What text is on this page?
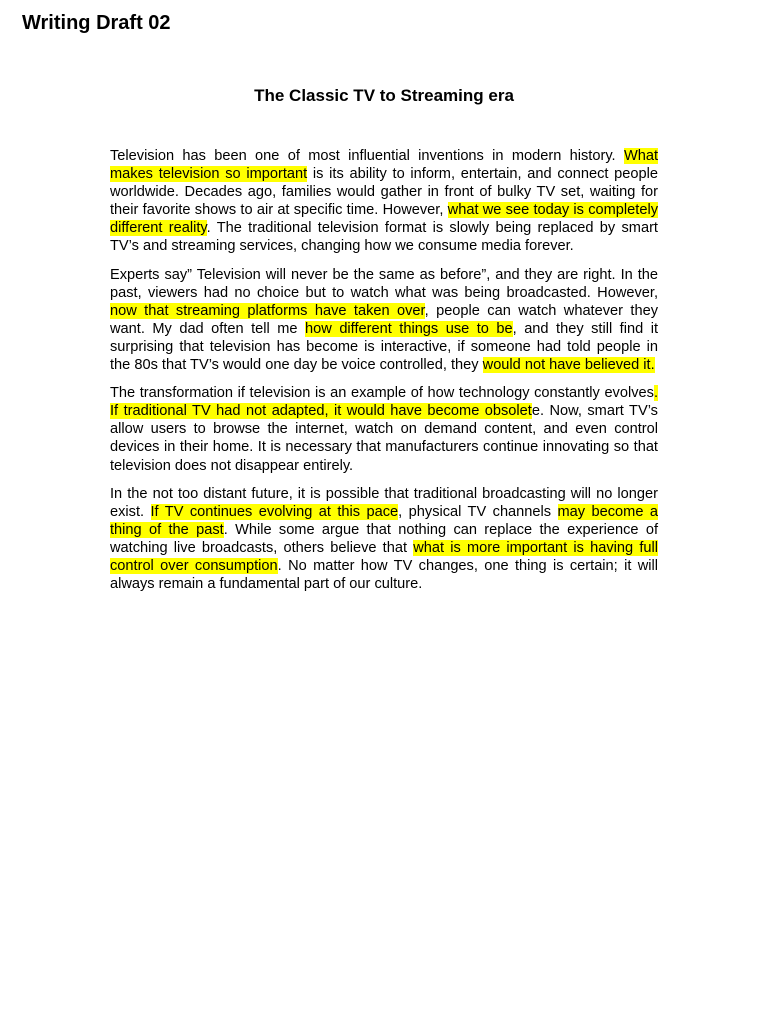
Writing Draft 02
The Classic TV to Streaming era

Television has been one of most influential inventions in modern history. What makes television so important is its ability to inform, entertain, and connect people worldwide. Decades ago, families would gather in front of bulky TV set, waiting for their favorite shows to air at specific time. However, what we see today is completely different reality. The traditional television format is slowly being replaced by smart TV’s and streaming services, changing how we consume media forever.

Experts say” Television will never be the same as before”, and they are right. In the past, viewers had no choice but to watch what was being broadcasted. However, now that streaming platforms have taken over, people can watch whatever they want. My dad often tell me how different things use to be, and they still find it surprising that television has become is interactive, if someone had told people in the 80s that TV’s would one day be voice controlled, they would not have believed it.

The transformation if television is an example of how technology constantly evolves. If traditional TV had not adapted, it would have become obsolete. Now, smart TV’s allow users to browse the internet, watch on demand content, and even control devices in their home. It is necessary that manufacturers continue innovating so that television does not disappear entirely.

In the not too distant future, it is possible that traditional broadcasting will no longer exist. If TV continues evolving at this pace, physical TV channels may become a thing of the past. While some argue that nothing can replace the experience of watching live broadcasts, others believe that what is more important is having full control over consumption. No matter how TV changes, one thing is certain; it will always remain a fundamental part of our culture.
